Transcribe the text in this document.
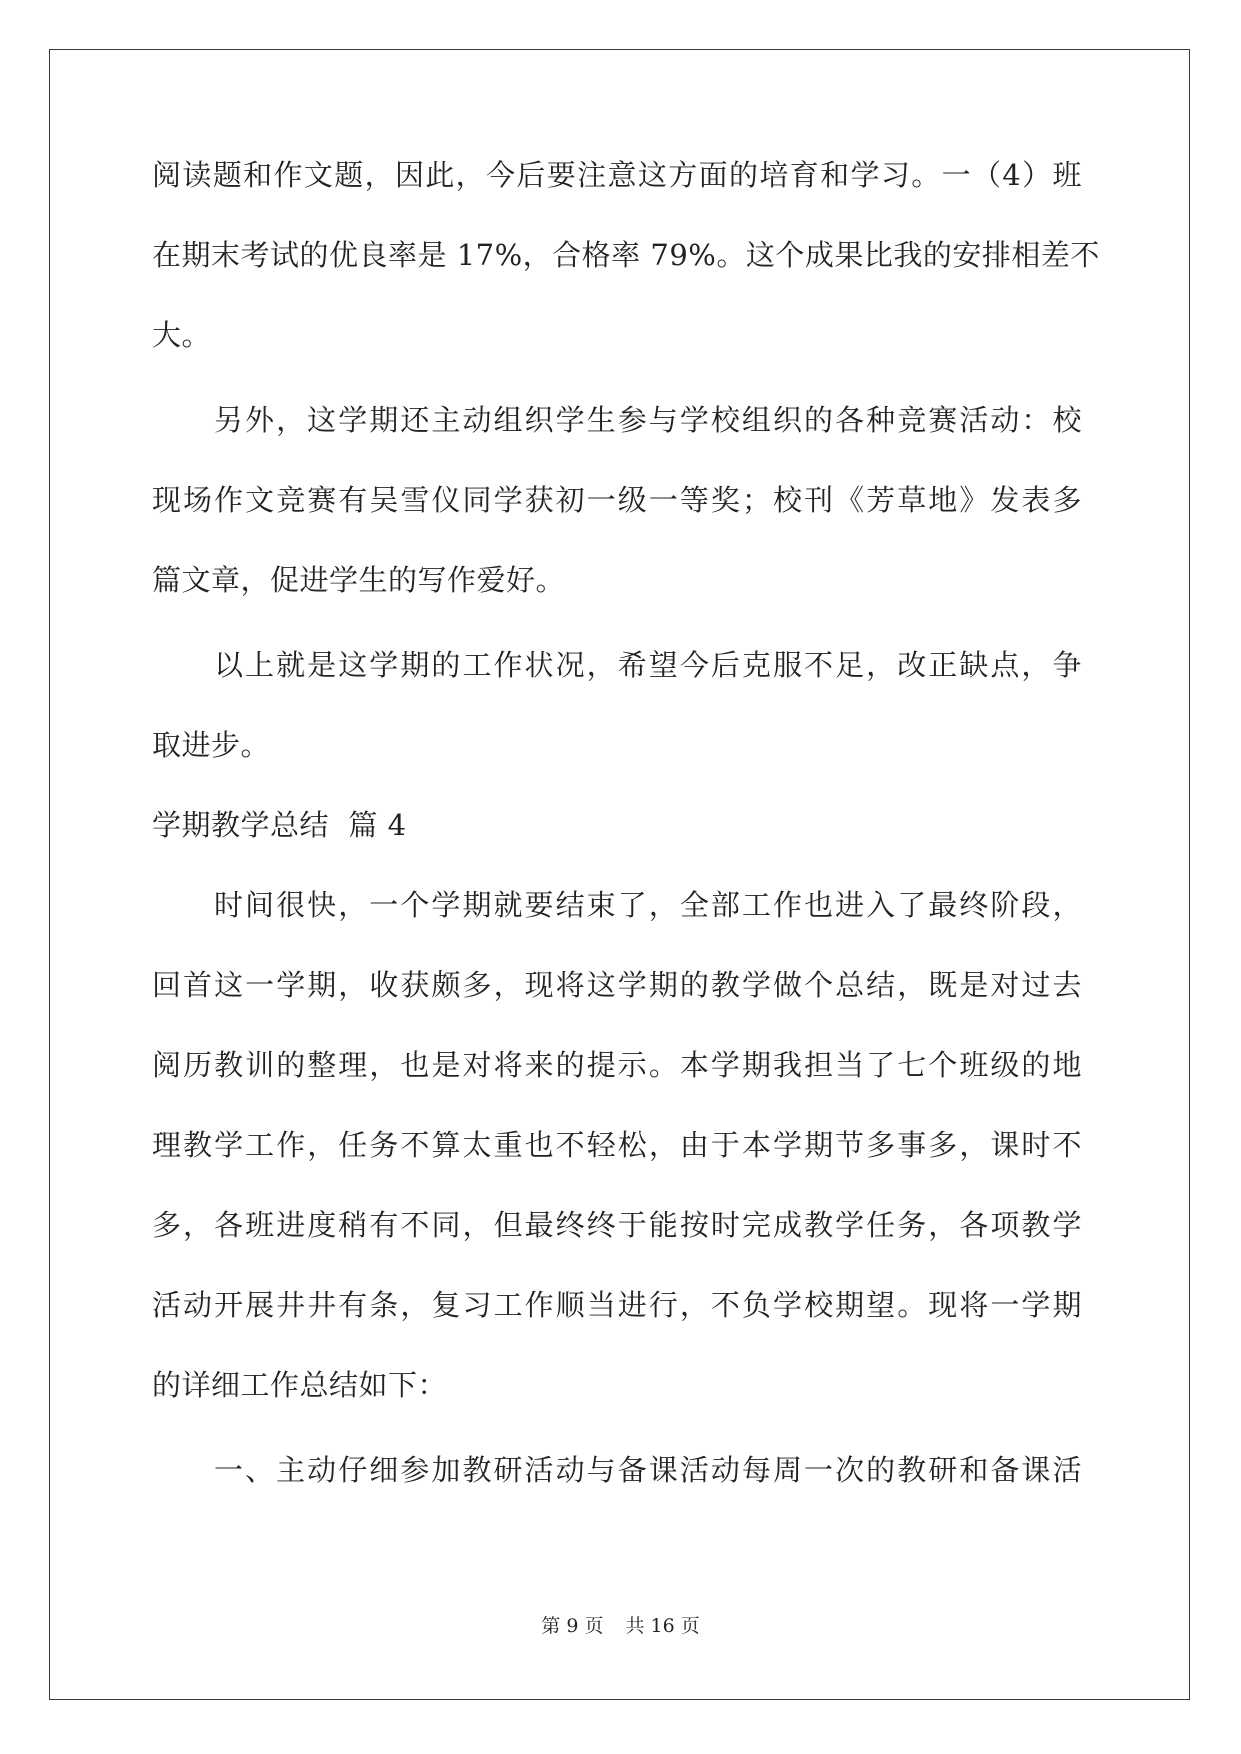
阅读题和作文题，因此，今后要注意这方面的培育和学习。一（4）班
在期末考试的优良率是 17%，合格率 79%。这个成果比我的安排相差不
大。
另外，这学期还主动组织学生参与学校组织的各种竞赛活动：校
现场作文竞赛有吴雪仪同学获初一级一等奖；校刊《芳草地》发表多
篇文章，促进学生的写作爱好。
以上就是这学期的工作状况，希望今后克服不足，改正缺点，争
取进步。
学期教学总结  篇 4
时间很快，一个学期就要结束了，全部工作也进入了最终阶段，
回首这一学期，收获颇多，现将这学期的教学做个总结，既是对过去
阅历教训的整理，也是对将来的提示。本学期我担当了七个班级的地
理教学工作，任务不算太重也不轻松，由于本学期节多事多，课时不
多，各班进度稍有不同，但最终终于能按时完成教学任务，各项教学
活动开展井井有条，复习工作顺当进行，不负学校期望。现将一学期
的详细工作总结如下：
一、主动仔细参加教研活动与备课活动每周一次的教研和备课活
第 9 页 共 16 页
